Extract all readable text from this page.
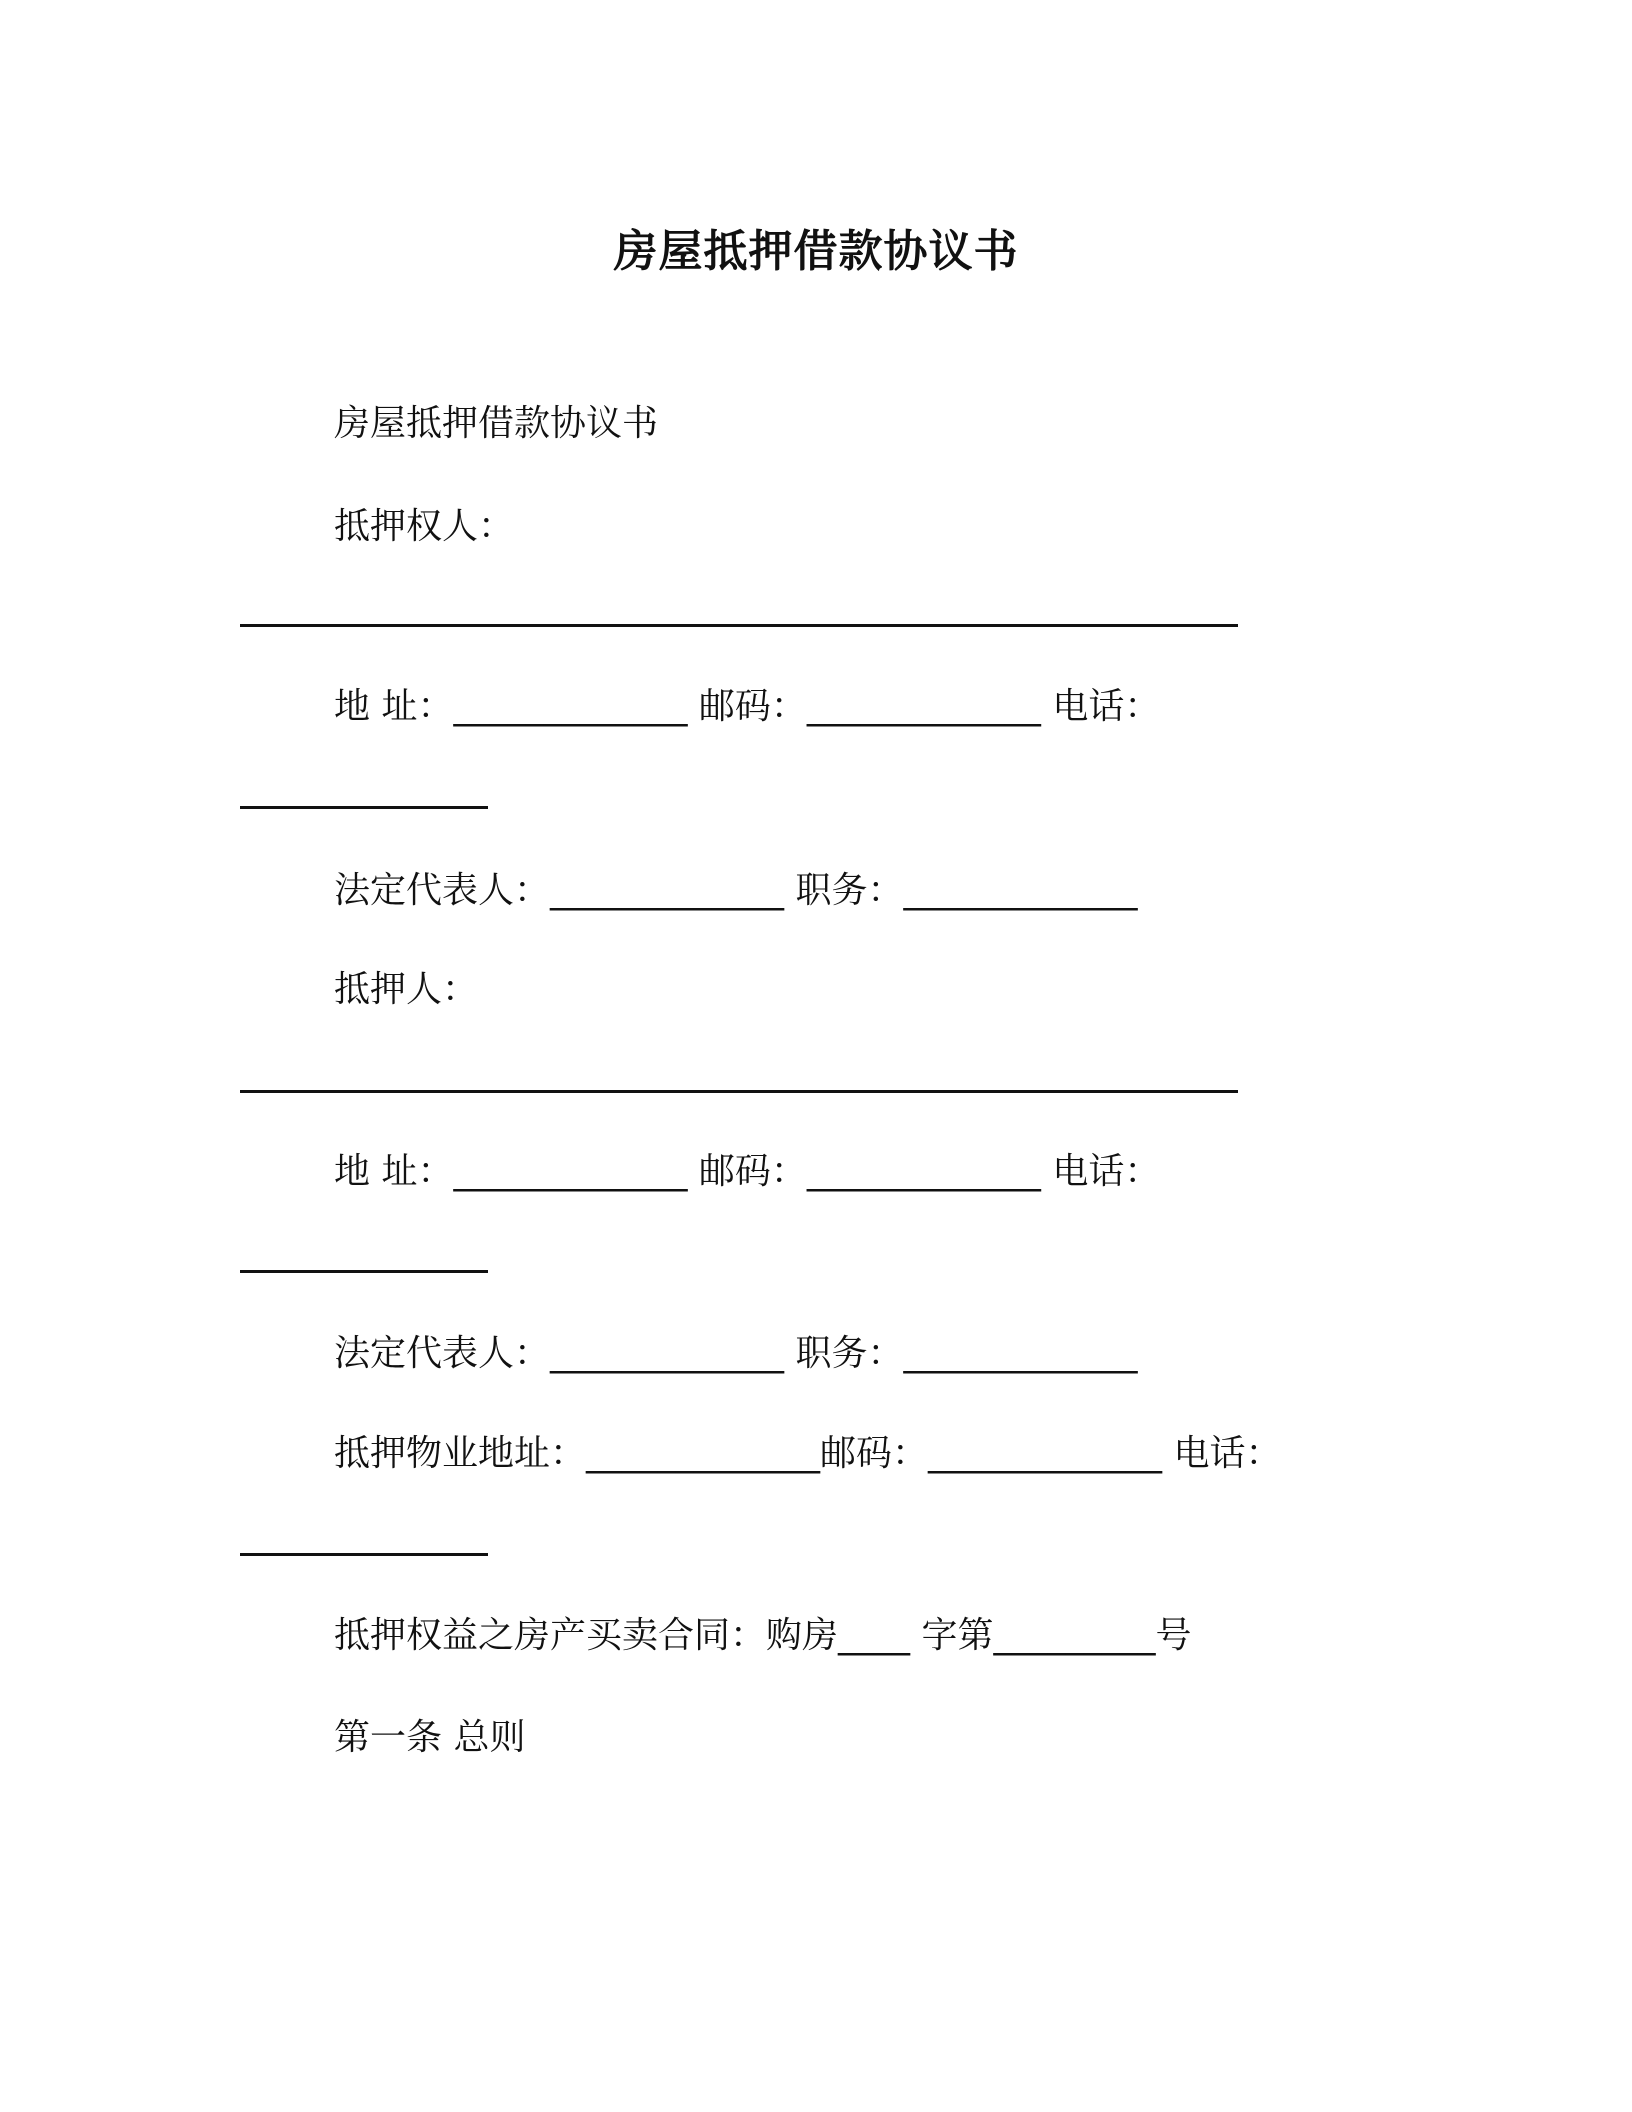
房屋抵押借款协议书
房屋抵押借款协议书
抵押权人：
地 址：_____________ 邮码：_____________ 电话：
法定代表人：_____________ 职务：_____________
抵押人：
地 址：_____________ 邮码：_____________ 电话：
法定代表人：_____________ 职务：_____________
抵押物业地址：_____________邮码：_____________ 电话：
抵押权益之房产买卖合同：购房____ 字第_________号
第一条 总则
